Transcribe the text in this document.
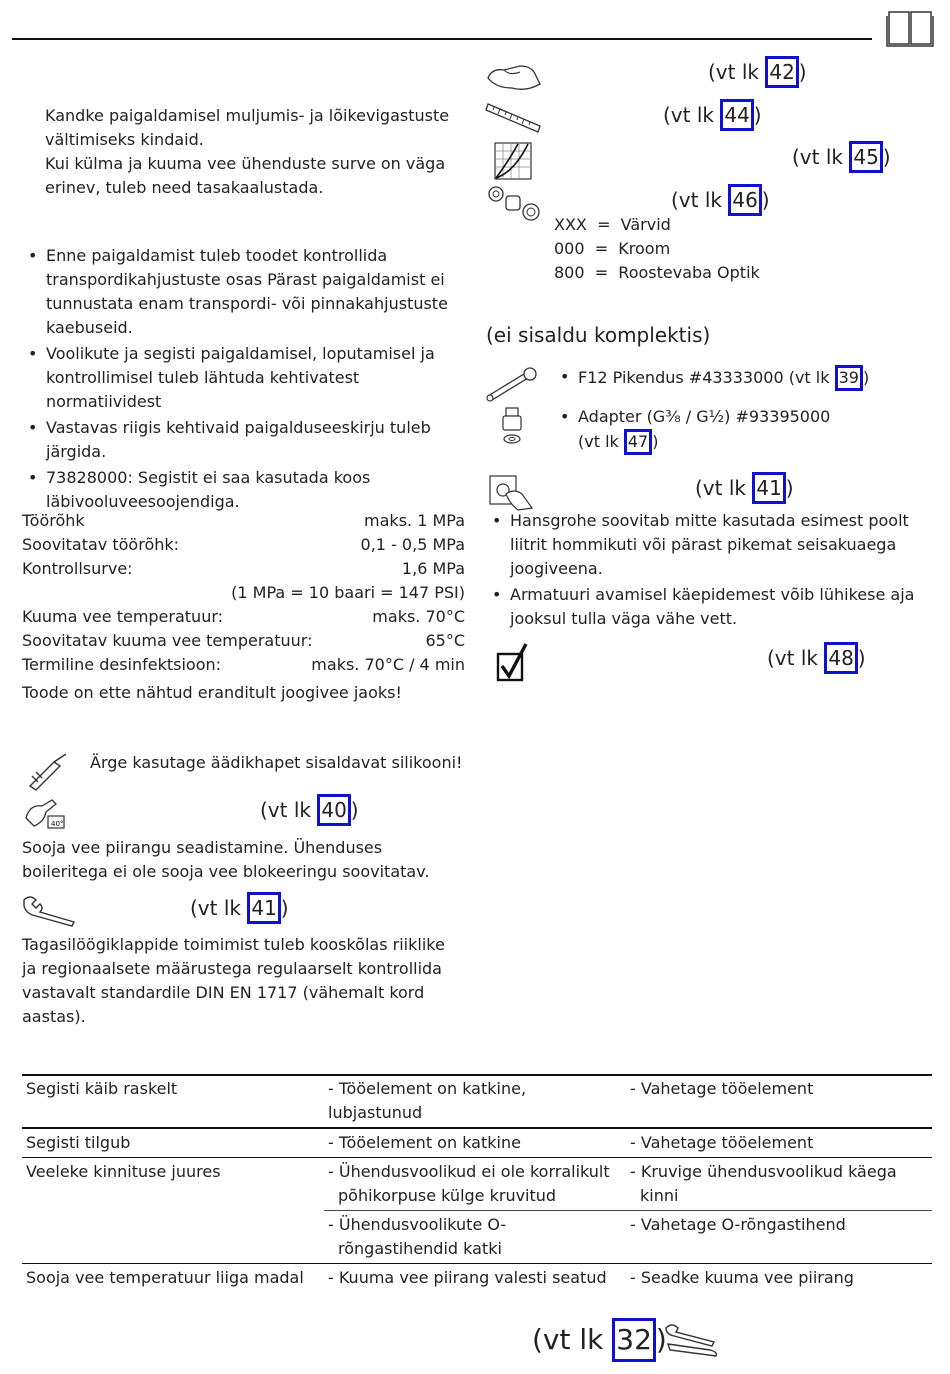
Kandke paigaldamisel muljumis- ja lõikevigastuste vältimiseks kindaid.
Kui külma ja kuuma vee ühenduste surve on väga erinev, tuleb need tasakaalustada.
• Enne paigaldamist tuleb toodet kontrollida transpordikahjustuste osas Pärast paigaldamist ei tunnustata enam transpordi- või pinnakahjustuste kaebuseid.
• Voolikute ja segisti paigaldamisel, loputamisel ja kontrollimisel tuleb lähtuda kehtivatest normatiividest
• Vastavas riigis kehtivaid paigalduseeskirju tuleb järgida.
• 73828000: Segistit ei saa kasutada koos läbivooluveesoojendiga.
Töörõhk	maks. 1 MPa
Soovitatav töörõhk:	0,1 - 0,5 MPa
Kontrollsurve:	1,6 MPa
(1 MPa = 10 baari = 147 PSI)
Kuuma vee temperatuur:	maks. 70°C
Soovitatav kuuma vee temperatuur:	65°C
Termiline desinfektsioon:	maks. 70°C / 4 min
Toode on ette nähtud eranditult joogivee jaoks!
Ärge kasutage äädikhapet sisaldavat silikooni!
40°
(vt lk 40 )
Sooja vee piirangu seadistamine. Ühenduses boileritega ei ole sooja vee blokeeringu soovitatav.
(vt lk 41 )
Tagasilöögiklappide toimimist tuleb kooskõlas riiklike ja regionaalsete määrustega regulaarselt kontrollida vastavalt standardile DIN EN 1717 (vähemalt kord aastas).
(vt lk 42 )
(vt lk 44 )
(vt lk 45 )
(vt lk 46 )
XXX = Värvid
000 = Kroom
800 = Roostevaba Optik
(ei sisaldu komplektis)
• F12 Pikendus #43333000 (vt lk 39 )
• Adapter (G³⁄₈ / G½) #93395000
(vt lk 47 )
(vt lk 41 )
• Hansgrohe soovitab mitte kasutada esimest poolt liitrit hommikuti või pärast pikemat seisakuaega joogiveena.
• Armatuuri avamisel käepidemest võib lühikese aja jooksul tulla väga vähe vett.
(vt lk 48 )
Segisti käib raskelt	- Tööelement on katkine, lubjastunud	- Vahetage tööelement
Segisti tilgub	- Tööelement on katkine	- Vahetage tööelement
Veeleke kinnituse juures	- Ühendusvoolikud ei ole korralikult põhikorpuse külge kruvitud	- Kruvige ühendusvoolikud käega kinni
	- Ühendusvoolikute O-rõngastihendid katki	- Vahetage O-rõngastihend
Sooja vee temperatuur liiga madal	- Kuuma vee piirang valesti seatud	- Seadke kuuma vee piirang
(vt lk 32 )
